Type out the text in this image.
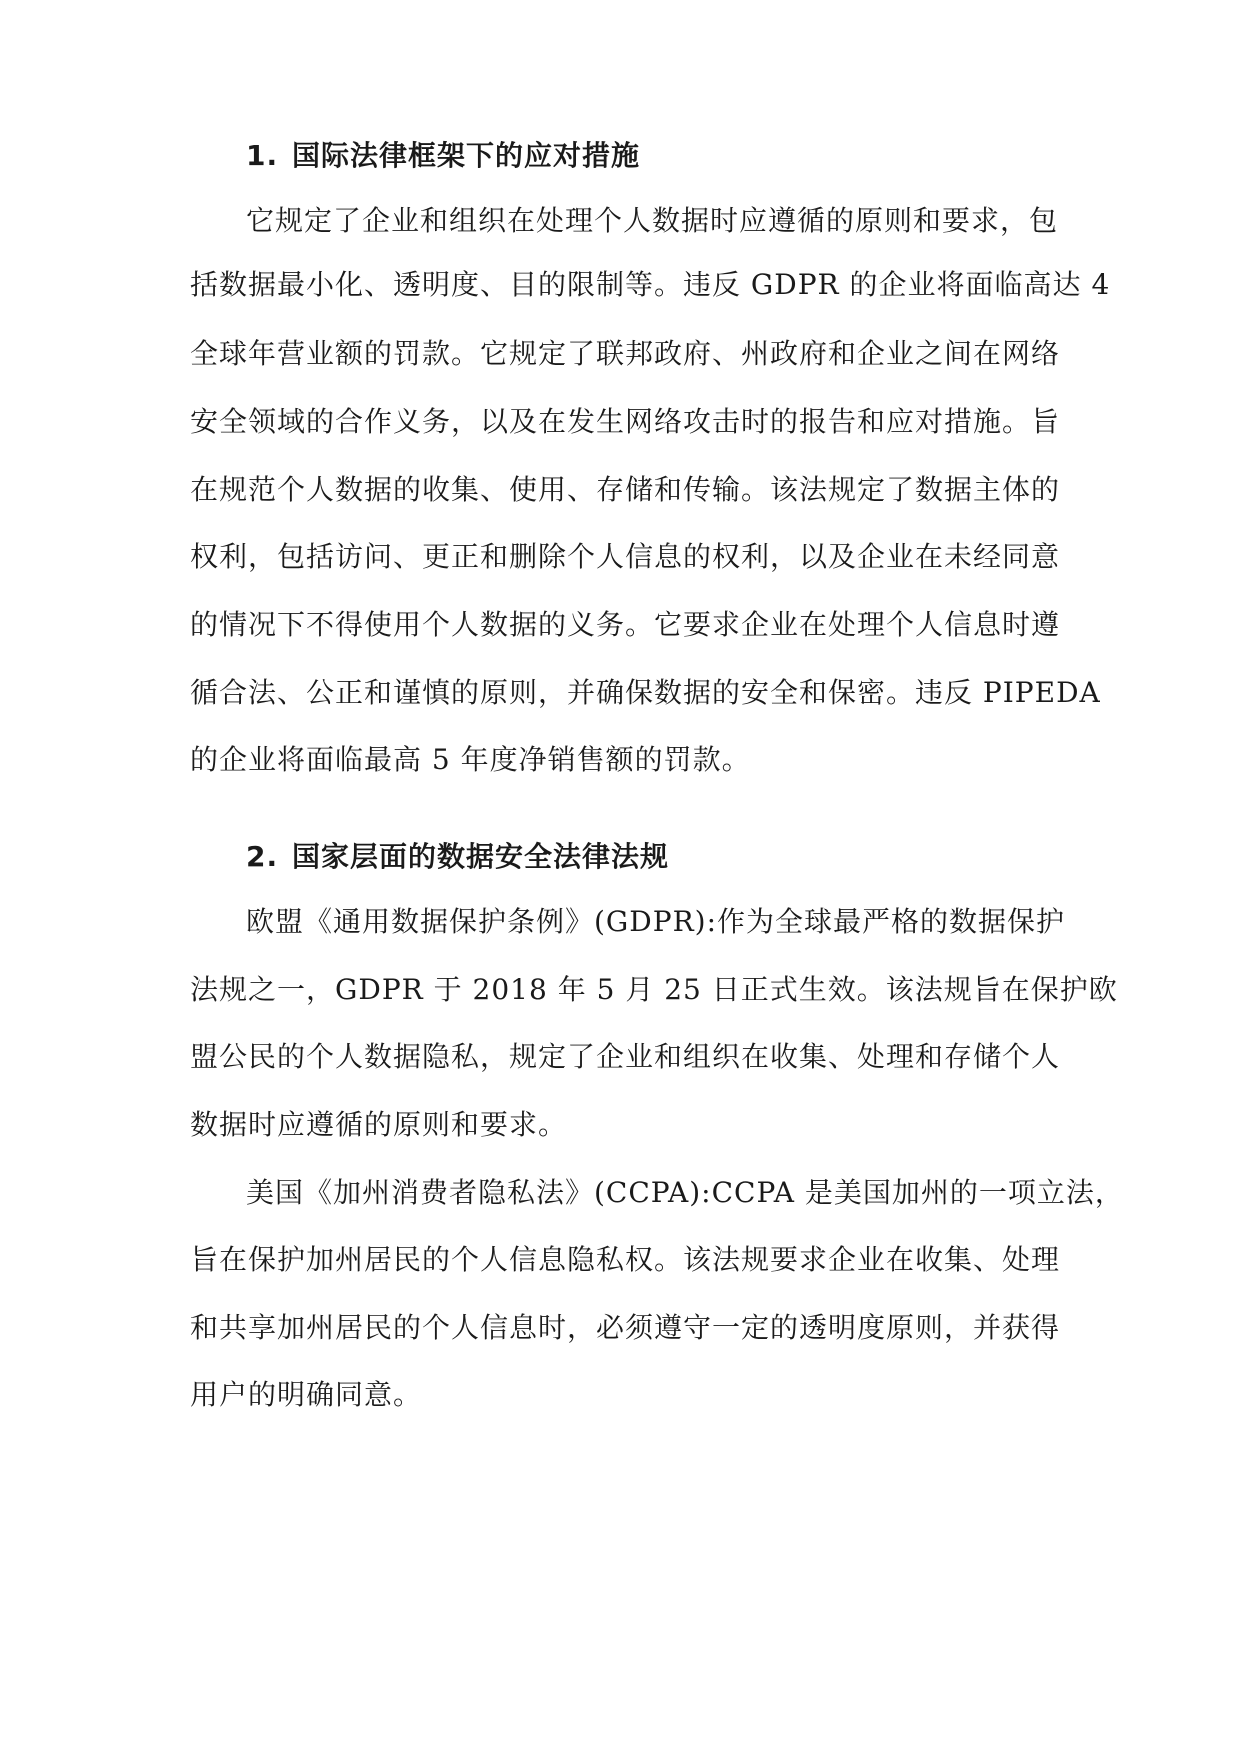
1. 国际法律框架下的应对措施
它规定了企业和组织在处理个人数据时应遵循的原则和要求，包
括数据最小化、透明度、目的限制等。违反 GDPR 的企业将面临高达 4
全球年营业额的罚款。它规定了联邦政府、州政府和企业之间在网络
安全领域的合作义务，以及在发生网络攻击时的报告和应对措施。旨
在规范个人数据的收集、使用、存储和传输。该法规定了数据主体的
权利，包括访问、更正和删除个人信息的权利，以及企业在未经同意
的情况下不得使用个人数据的义务。它要求企业在处理个人信息时遵
循合法、公正和谨慎的原则，并确保数据的安全和保密。违反 PIPEDA
的企业将面临最高 5 年度净销售额的罚款。
2. 国家层面的数据安全法律法规
欧盟《通用数据保护条例》(GDPR):作为全球最严格的数据保护
法规之一，GDPR 于 2018 年 5 月 25 日正式生效。该法规旨在保护欧
盟公民的个人数据隐私，规定了企业和组织在收集、处理和存储个人
数据时应遵循的原则和要求。
美国《加州消费者隐私法》(CCPA):CCPA 是美国加州的一项立法，
旨在保护加州居民的个人信息隐私权。该法规要求企业在收集、处理
和共享加州居民的个人信息时，必须遵守一定的透明度原则，并获得
用户的明确同意。
